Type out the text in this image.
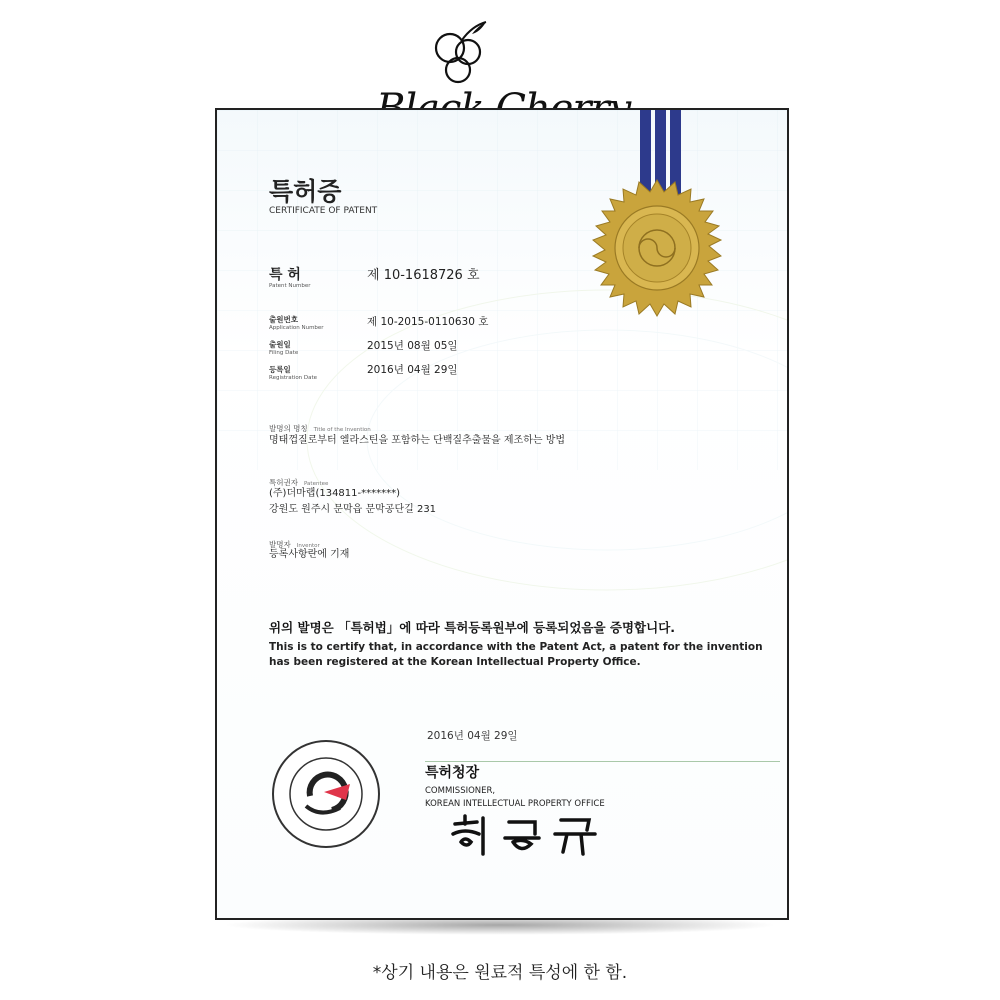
특허증
CERTIFICATE OF PATENT
특 허
Patent Number
제 10-1618726 호
출원번호
Application Number	제 10-2015-0110630 호
출원일
Filing Date
2015년 08월 05일
등록일
Registration Date
2016년 04월 29일
발명의 명칭 Title of the Invention
명태껍질로부터 엘라스틴을 포함하는 단백질추출물을 제조하는 방법
특허권자 Patentee
(주)더마랩(134811-*******)
강원도 원주시 문막읍 문막공단길 231
발명자 Inventor
등록사항란에 기재
위의 발명은 「특허법」에 따라 특허등록원부에 등록되었음을 증명합니다.
This is to certify that, in accordance with the Patent Act, a patent for the invention has been registered at the Korean Intellectual Property Office.
2016년 04월 29일
특허청장
COMMISSIONER,
KOREAN INTELLECTUAL PROPERTY OFFICE
*상기 내용은 원료적 특성에 한 함.
